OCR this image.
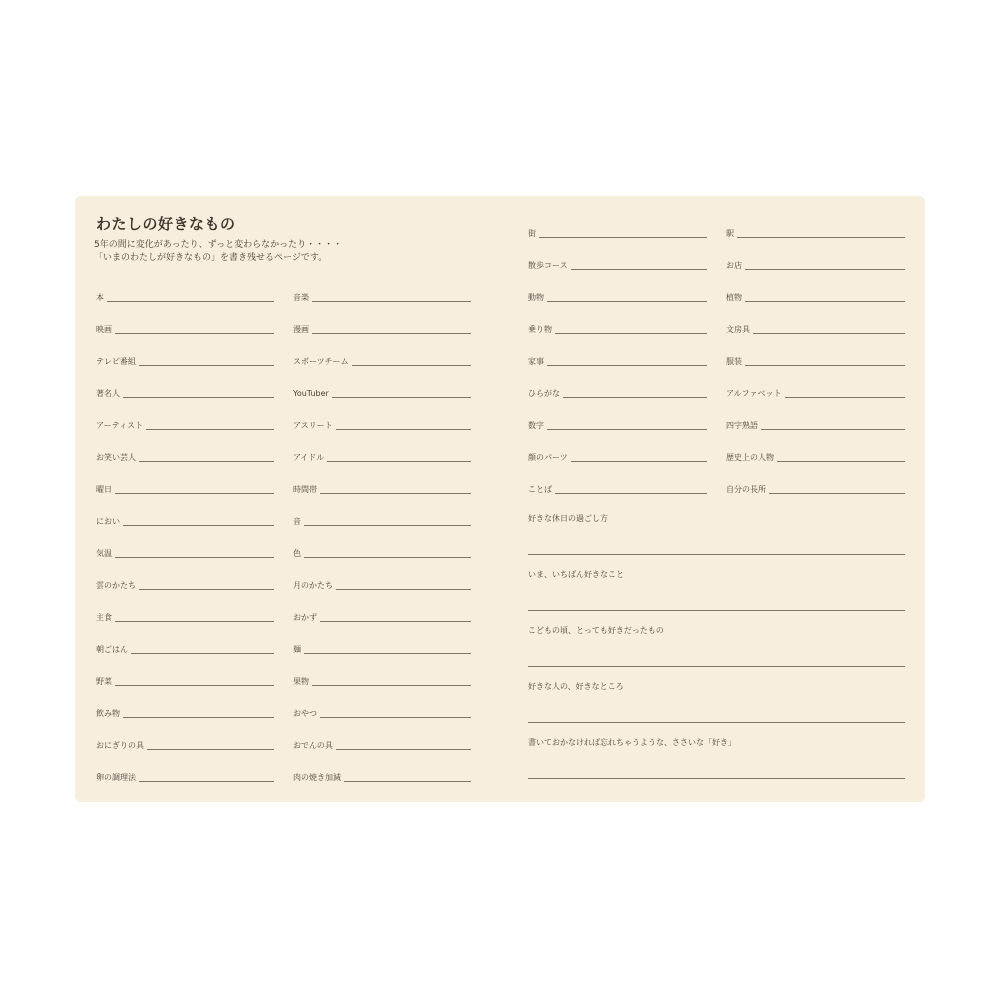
わたしの好きなもの
5年の間に変化があったり、ずっと変わらなかったり・・・・
「いまのわたしが好きなもの」を書き残せるページです。
本
映画
テレビ番組
著名人
アーティスト
お笑い芸人
曜日
におい
気温
雲のかたち
主食
朝ごはん
野菜
飲み物
おにぎりの具
卵の調理法
音楽
漫画
スポーツチーム
YouTuber
アスリート
アイドル
時間帯
音
色
月のかたち
おかず
麺
果物
おやつ
おでんの具
肉の焼き加減
街
散歩コース
動物
乗り物
家事
ひらがな
数字
顔のパーツ
ことば
駅
お店
植物
文房具
服装
アルファベット
四字熟語
歴史上の人物
自分の長所
好きな休日の過ごし方
いま、いちばん好きなこと
こどもの頃、とっても好きだったもの
好きな人の、好きなところ
書いておかなければ忘れちゃうような、ささいな「好き」
